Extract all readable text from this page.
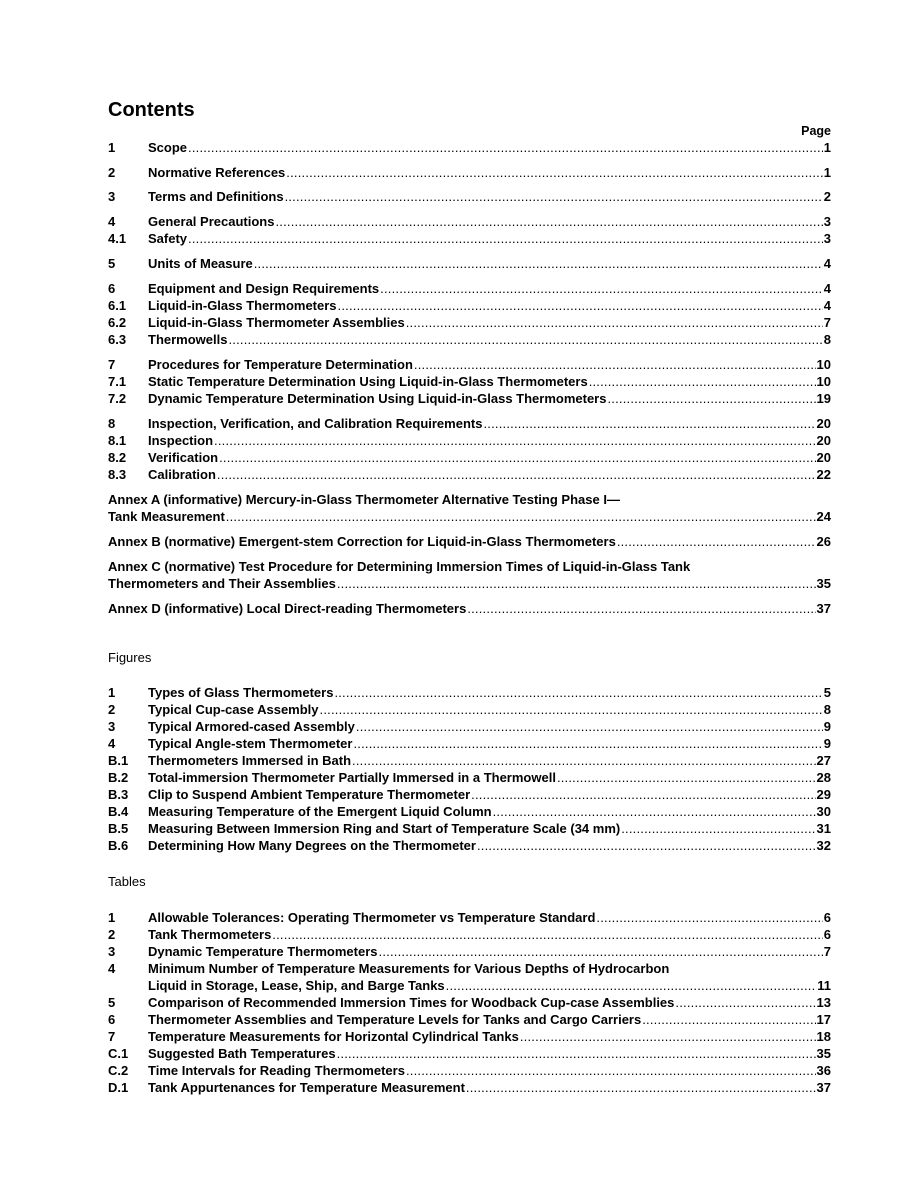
Contents
Page
1	Scope .....	1
2	Normative References .....	1
3	Terms and Definitions .....	2
4	General Precautions .....	3
4.1	Safety .....	3
5	Units of Measure .....	4
6	Equipment and Design Requirements .....	4
6.1	Liquid-in-Glass Thermometers .....	4
6.2	Liquid-in-Glass Thermometer Assemblies .....	7
6.3	Thermowells .....	8
7	Procedures for Temperature Determination .....	10
7.1	Static Temperature Determination Using Liquid-in-Glass Thermometers .....	10
7.2	Dynamic Temperature Determination Using Liquid-in-Glass Thermometers .....	19
8	Inspection, Verification, and Calibration Requirements .....	20
8.1	Inspection .....	20
8.2	Verification .....	20
8.3	Calibration .....	22
Annex A (informative) Mercury-in-Glass Thermometer Alternative Testing Phase I—
Tank Measurement .....	24
Annex B (normative) Emergent-stem Correction for Liquid-in-Glass Thermometers .....	26
Annex C (normative) Test Procedure for Determining Immersion Times of Liquid-in-Glass Tank
Thermometers and Their Assemblies .....	35
Annex D (informative) Local Direct-reading Thermometers .....	37
Figures
1	Types of Glass Thermometers .....	5
2	Typical Cup-case Assembly .....	8
3	Typical Armored-cased Assembly .....	9
4	Typical Angle-stem Thermometer .....	9
B.1	Thermometers Immersed in Bath .....	27
B.2	Total-immersion Thermometer Partially Immersed in a Thermowell .....	28
B.3	Clip to Suspend Ambient Temperature Thermometer .....	29
B.4	Measuring Temperature of the Emergent Liquid Column .....	30
B.5	Measuring Between Immersion Ring and Start of Temperature Scale (34 mm) .....	31
B.6	Determining How Many Degrees on the Thermometer .....	32
Tables
1	Allowable Tolerances: Operating Thermometer vs Temperature Standard .....	6
2	Tank Thermometers .....	6
3	Dynamic Temperature Thermometers .....	7
4	Minimum Number of Temperature Measurements for Various Depths of Hydrocarbon
Liquid in Storage, Lease, Ship, and Barge Tanks .....	11
5	Comparison of Recommended Immersion Times for Woodback Cup-case Assemblies .....	13
6	Thermometer Assemblies and Temperature Levels for Tanks and Cargo Carriers .....	17
7	Temperature Measurements for Horizontal Cylindrical Tanks .....	18
C.1	Suggested Bath Temperatures .....	35
C.2	Time Intervals for Reading Thermometers .....	36
D.1	Tank Appurtenances for Temperature Measurement .....	37
